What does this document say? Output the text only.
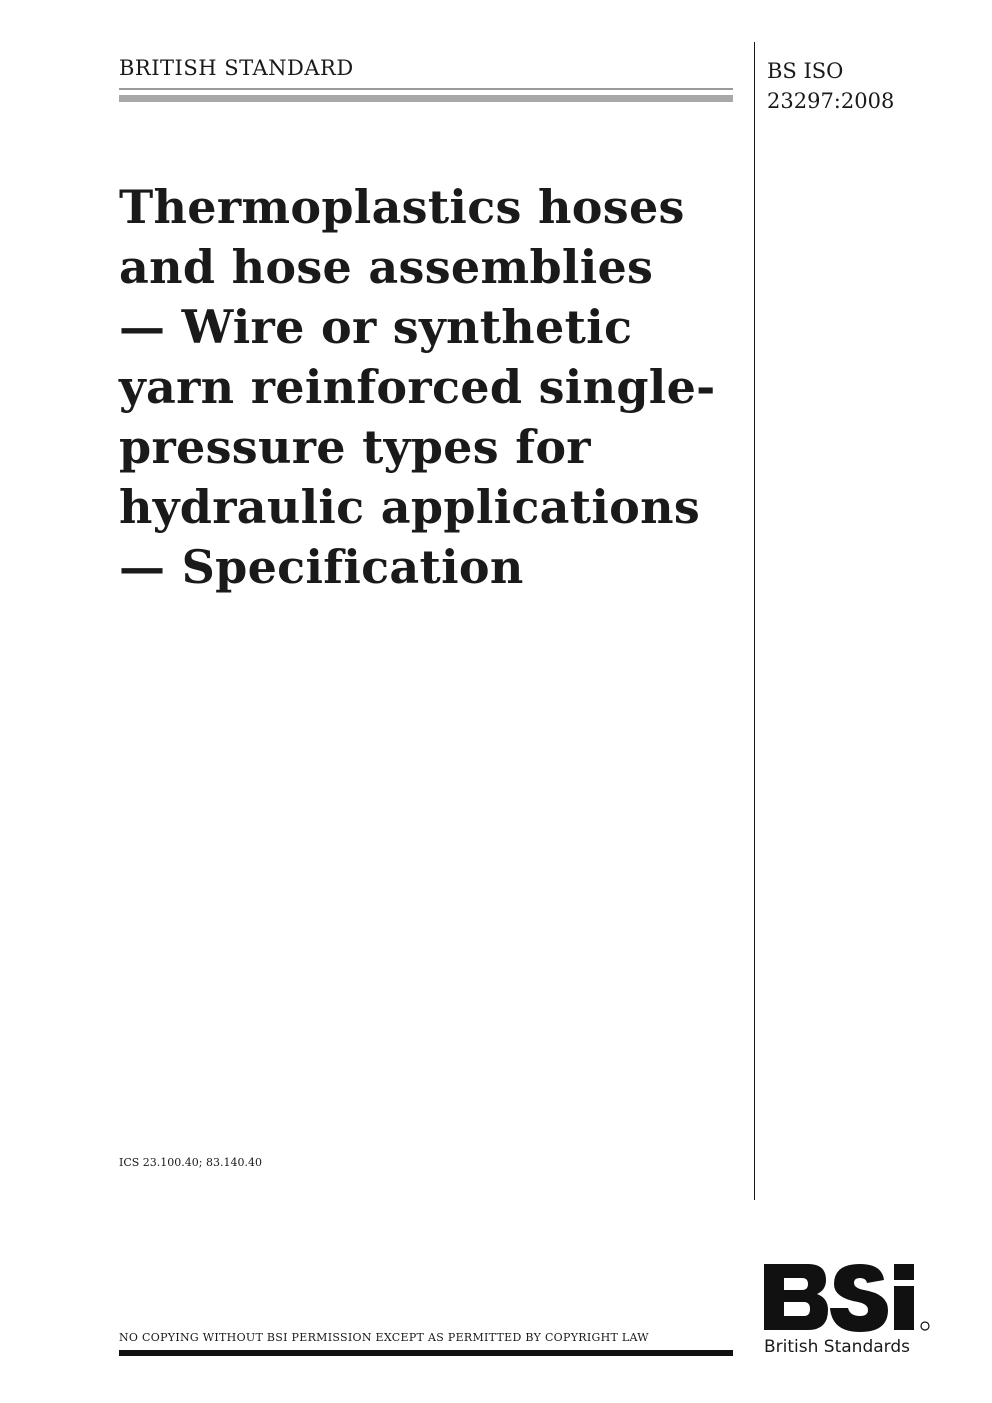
BRITISH STANDARD	BS ISO
23297:2008
Thermoplastics hoses
and hose assemblies
— Wire or synthetic
yarn reinforced single-
pressure types for
hydraulic applications
— Specification
ICS 23.100.40; 83.140.40
NO COPYING WITHOUT BSI PERMISSION EXCEPT AS PERMITTED BY COPYRIGHT LAW	British Standards
